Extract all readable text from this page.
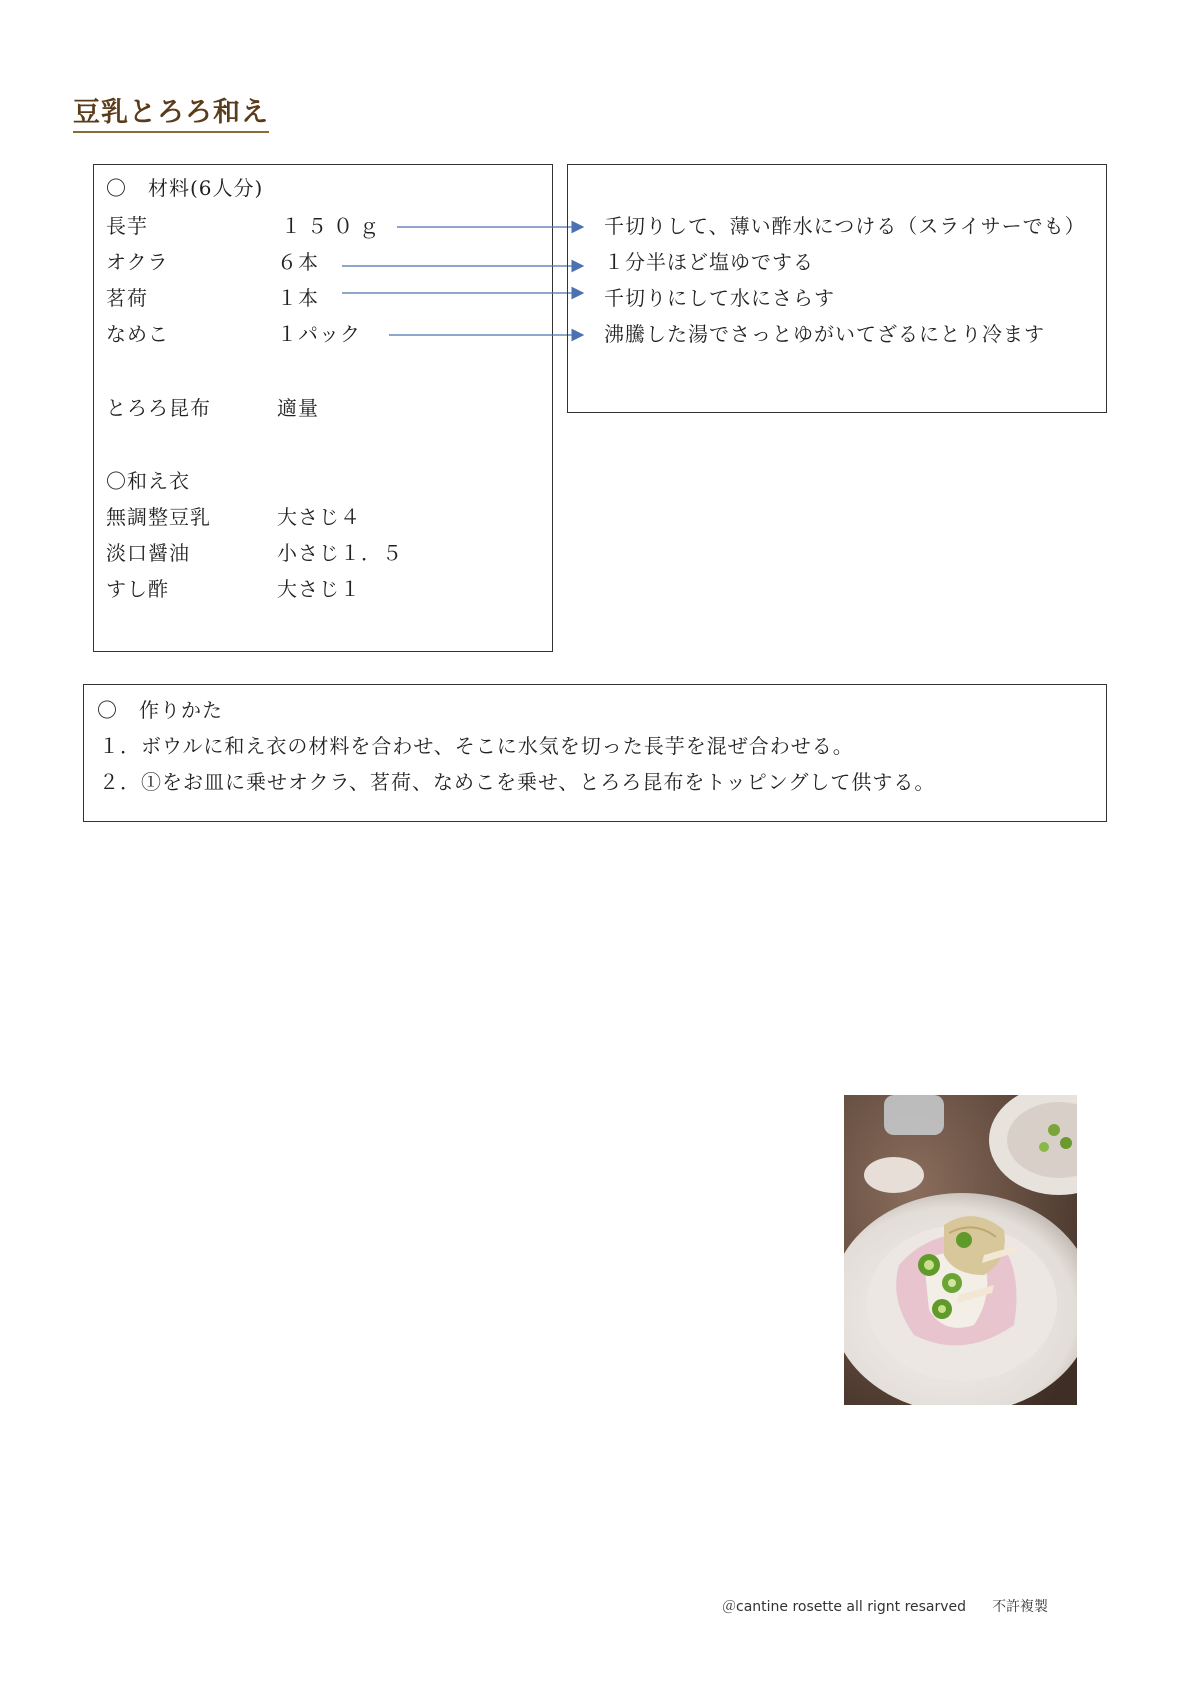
豆乳とろろ和え
〇　材料(6人分)
長芋	１５０ｇ
オクラ	６本
茗荷	１本
なめこ	１パック
とろろ昆布	適量
〇和え衣
無調整豆乳	大さじ４
淡口醤油	小さじ１．５
すし酢	大さじ１
千切りして、薄い酢水につける（スライサーでも）
１分半ほど塩ゆでする
千切りにして水にさらす
沸騰した湯でさっとゆがいてざるにとり冷ます
〇　作りかた
１．ボウルに和え衣の材料を合わせ、そこに水気を切った長芋を混ぜ合わせる。
２．①をお皿に乗せオクラ、茗荷、なめこを乗せ、とろろ昆布をトッピングして供する。
＠cantine rosette all rignt resarved 不許複製
